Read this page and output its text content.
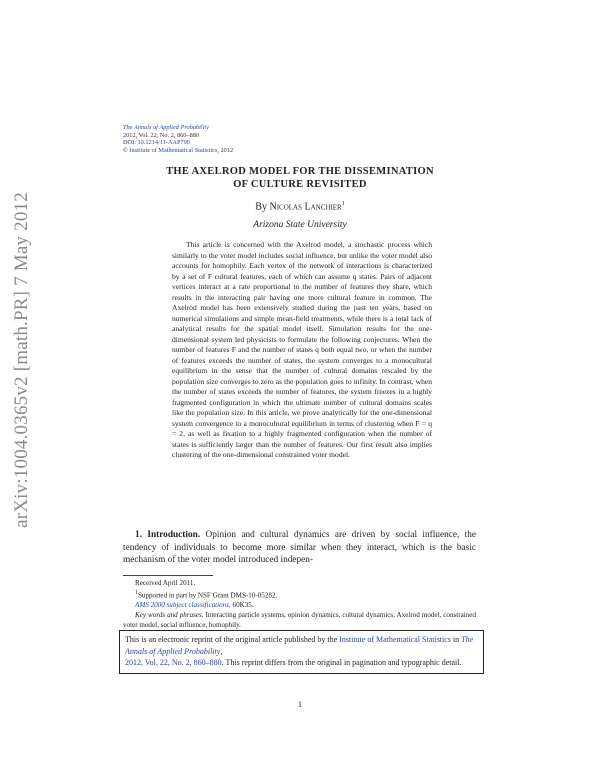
arXiv:1004.0365v2 [math.PR] 7 May 2012
The Annals of Applied Probability
2012, Vol. 22, No. 2, 860–880
DOI: 10.1214/11-AAP790
© Institute of Mathematical Statistics, 2012
THE AXELROD MODEL FOR THE DISSEMINATION
OF CULTURE REVISITED
By Nicolas Lanchier$^1$
Arizona State University
This article is concerned with the Axelrod model, a stochastic process which similarly to the voter model includes social influence, but unlike the voter model also accounts for homophily. Each vertex of the network of interactions is characterized by a set of F cultural features, each of which can assume q states. Pairs of adjacent vertices interact at a rate proportional to the number of features they share, which results in the interacting pair having one more cultural feature in common. The Axelrod model has been extensively studied during the past ten years, based on numerical simulations and simple mean-field treatments, while there is a total lack of analytical results for the spatial model itself. Simulation results for the one-dimensional system led physicists to formulate the following conjectures. When the number of features F and the number of states q both equal two, or when the number of features exceeds the number of states, the system converges to a monocultural equilibrium in the sense that the number of cultural domains rescaled by the population size converges to zero as the population goes to infinity. In contrast, when the number of states exceeds the number of features, the system freezes in a highly fragmented configuration in which the ultimate number of cultural domains scales like the population size. In this article, we prove analytically for the one-dimensional system convergence to a monocultural equilibrium in terms of clustering when F = q = 2, as well as fixation to a highly fragmented configuration when the number of states is sufficiently larger than the number of features. Our first result also implies clustering of the one-dimensional constrained voter model.
1. Introduction. Opinion and cultural dynamics are driven by social influence, the tendency of individuals to become more similar when they interact, which is the basic mechanism of the voter model introduced indepen-

Received April 2011.

$^1$Supported in part by NSF Grant DMS-10-05282.

AMS 2000 subject classifications. 60K35.

Key words and phrases. Interacting particle systems, opinion dynamics, cultural dynamics, Axelrod model, constrained voter model, social influence, homophily.

This is an electronic reprint of the original article published by the Institute of Mathematical Statistics in The Annals of Applied Probability,
2012, Vol. 22, No. 2, 860–880. This reprint differs from the original in pagination and typographic detail.
1
